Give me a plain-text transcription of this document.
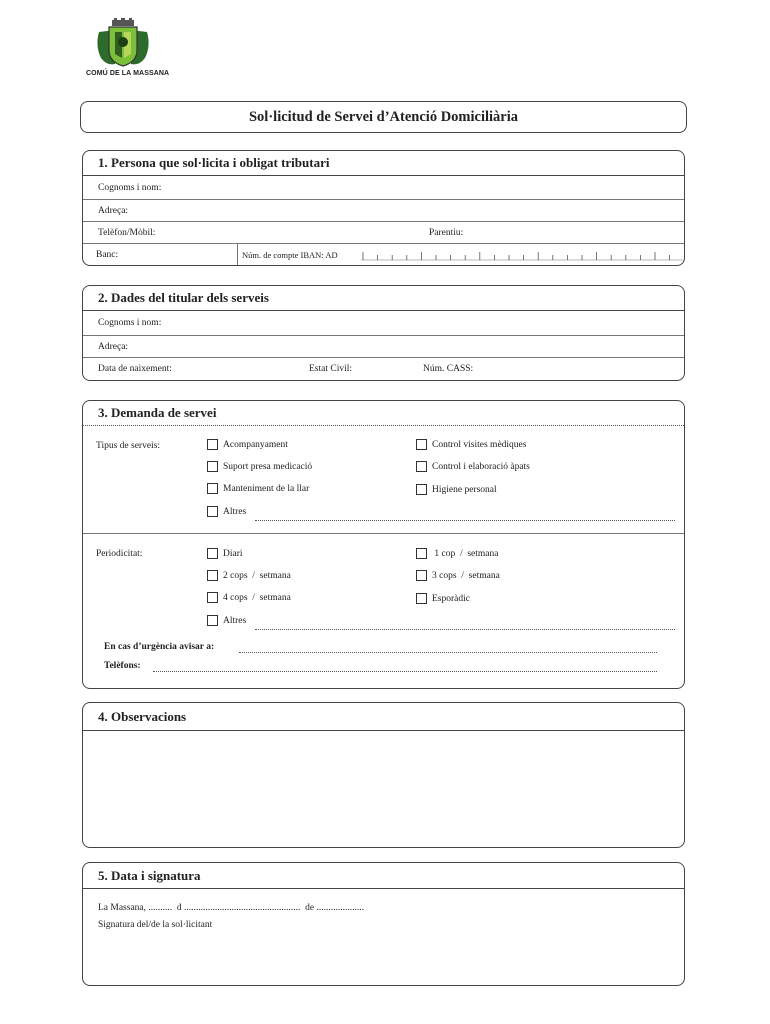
COMÚ DE LA MASSANA
Sol·licitud de Servei d’Atenció Domiciliària
1. Persona que sol·licita i obligat tributari
Cognoms i nom:
Adreça:
Telèfon/Mòbil:	Parentiu:
Banc:	Núm. de compte IBAN: AD
2. Dades del titular dels serveis
Cognoms i nom:
Adreça:
Data de naixement:	Estat Civil:	Núm. CASS:
3. Demanda de servei
Tipus de serveis:	Acompanyament	Control visites mèdiques
Suport presa medicació	Control i elaboració àpats
Manteniment de la llar	Higiene personal
Altres
Periodicitat:	Diari	1 cop  /  setmana
2 cops  /  setmana	3 cops  /  setmana
4 cops  /  setmana	Esporàdic
Altres
En cas d’urgència avisar a:
Telèfons:
4. Observacions
5. Data i signatura
La Massana, ..........  d .................................................  de ....................
Signatura del/de la sol·licitant
